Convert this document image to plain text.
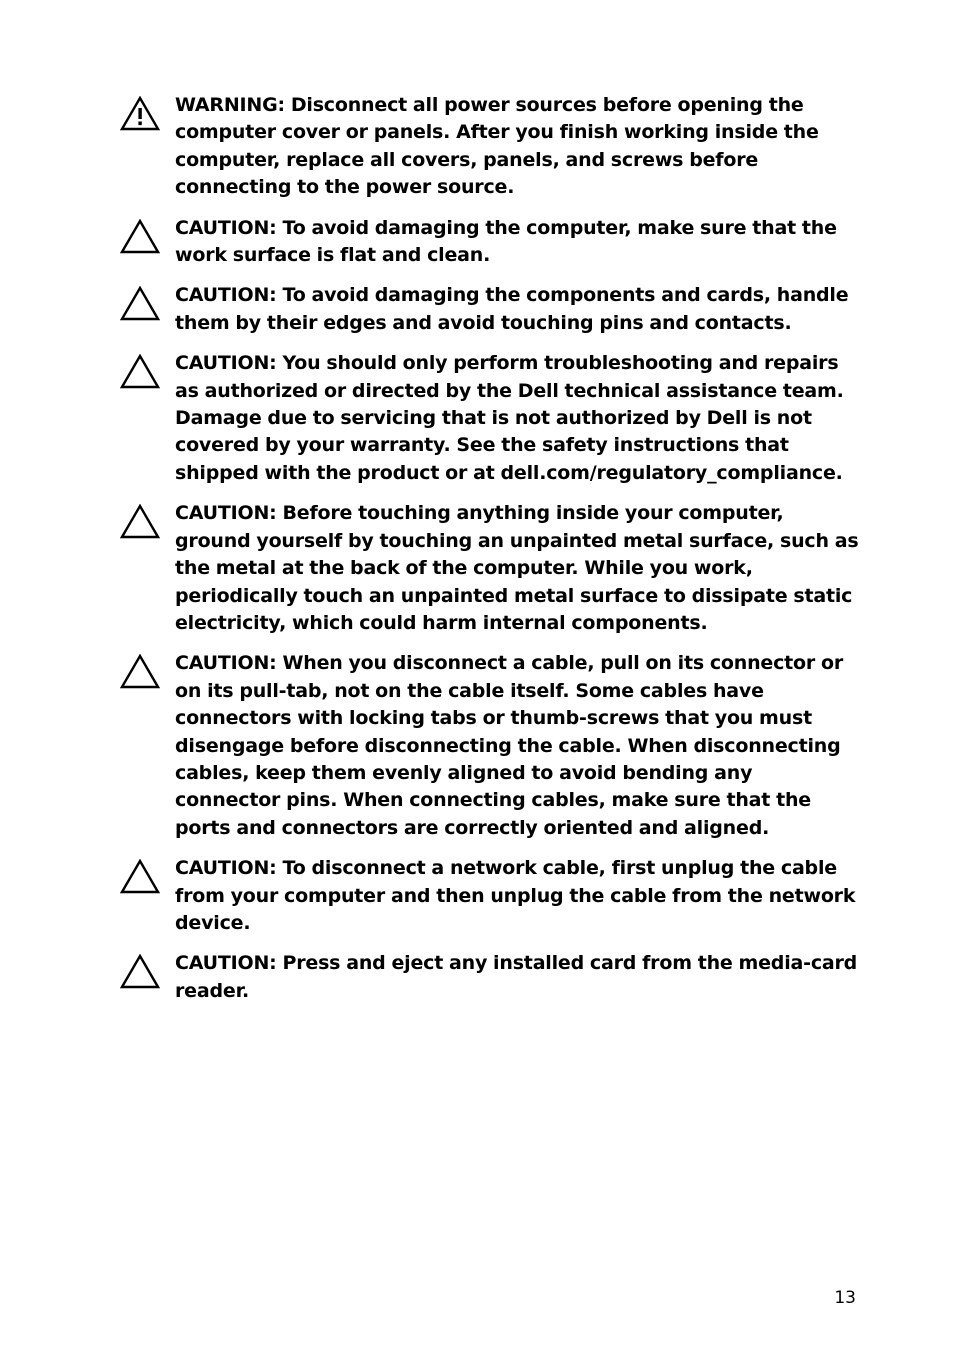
WARNING: Disconnect all power sources before opening the computer cover or panels. After you finish working inside the computer, replace all covers, panels, and screws before connecting to the power source.
CAUTION: To avoid damaging the computer, make sure that the work surface is flat and clean.
CAUTION: To avoid damaging the components and cards, handle them by their edges and avoid touching pins and contacts.
CAUTION: You should only perform troubleshooting and repairs as authorized or directed by the Dell technical assistance team. Damage due to servicing that is not authorized by Dell is not covered by your warranty. See the safety instructions that shipped with the product or at dell.com/regulatory_compliance.
CAUTION: Before touching anything inside your computer, ground yourself by touching an unpainted metal surface, such as the metal at the back of the computer. While you work, periodically touch an unpainted metal surface to dissipate static electricity, which could harm internal components.
CAUTION: When you disconnect a cable, pull on its connector or on its pull-tab, not on the cable itself. Some cables have connectors with locking tabs or thumb-screws that you must disengage before disconnecting the cable. When disconnecting cables, keep them evenly aligned to avoid bending any connector pins. When connecting cables, make sure that the ports and connectors are correctly oriented and aligned.
CAUTION: To disconnect a network cable, first unplug the cable from your computer and then unplug the cable from the network device.
CAUTION: Press and eject any installed card from the media-card reader.
13
